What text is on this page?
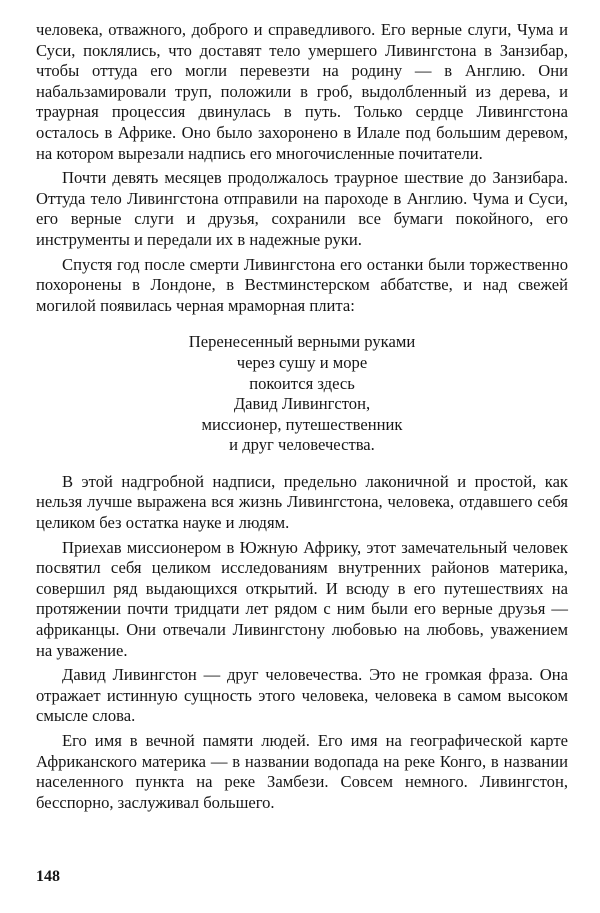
человека, отважного, доброго и справедливого. Его верные слуги, Чума и Суси, поклялись, что доставят тело умершего Ливингстона в Занзибар, чтобы оттуда его могли перевезти на родину — в Англию. Они набальзамировали труп, положили в гроб, выдолбленный из дерева, и траурная процессия двинулась в путь. Только сердце Ливингстона осталось в Африке. Оно было захоронено в Илале под большим деревом, на котором вырезали надпись его многочисленные почитатели.

Почти девять месяцев продолжалось траурное шествие до Занзибара. Оттуда тело Ливингстона отправили на пароходе в Англию. Чума и Суси, его верные слуги и друзья, сохранили все бумаги покойного, его инструменты и передали их в надежные руки.

Спустя год после смерти Ливингстона его останки были торжественно похоронены в Лондоне, в Вестминстерском аббатстве, и над свежей могилой появилась черная мраморная плита:

Перенесенный верными руками
через сушу и море
покоится здесь
Давид Ливингстон,
миссионер, путешественник
и друг человечества.

В этой надгробной надписи, предельно лаконичной и простой, как нельзя лучше выражена вся жизнь Ливингстона, человека, отдавшего себя целиком без остатка науке и людям.

Приехав миссионером в Южную Африку, этот замечательный человек посвятил себя целиком исследованиям внутренних районов материка, совершил ряд выдающихся открытий. И всюду в его путешествиях на протяжении почти тридцати лет рядом с ним были его верные друзья — африканцы. Они отвечали Ливингстону любовью на любовь, уважением на уважение.

Давид Ливингстон — друг человечества. Это не громкая фраза. Она отражает истинную сущность этого человека, человека в самом высоком смысле слова.

Его имя в вечной памяти людей. Его имя на географической карте Африканского материка — в названии водопада на реке Конго, в названии населенного пункта на реке Замбези. Совсем немного. Ливингстон, бесспорно, заслуживал большего.

148
